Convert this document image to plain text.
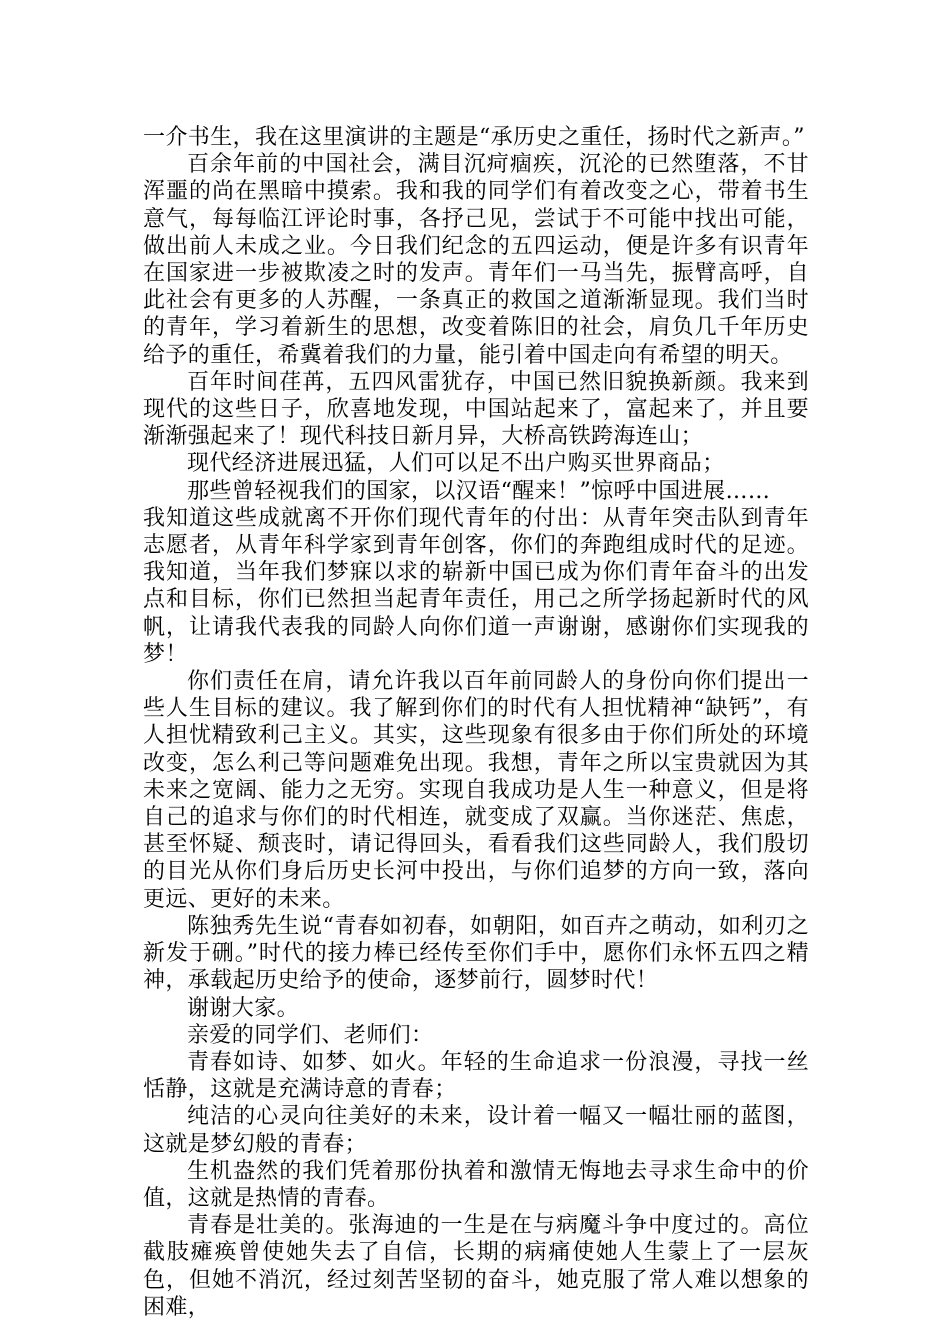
一介书生，我在这里演讲的主题是“承历史之重任，扬时代之新声。”

百余年前的中国社会，满目沉疴痼疾，沉沦的已然堕落，不甘浑噩的尚在黑暗中摸索。我和我的同学们有着改变之心，带着书生意气，每每临江评论时事，各抒己见，尝试于不可能中找出可能，做出前人未成之业。今日我们纪念的五四运动，便是许多有识青年在国家进一步被欺凌之时的发声。青年们一马当先，振臂高呼，自此社会有更多的人苏醒，一条真正的救国之道渐渐显现。我们当时的青年，学习着新生的思想，改变着陈旧的社会，肩负几千年历史给予的重任，希冀着我们的力量，能引着中国走向有希望的明天。

百年时间荏苒，五四风雷犹存，中国已然旧貌换新颜。我来到现代的这些日子，欣喜地发现，中国站起来了，富起来了，并且要渐渐强起来了！现代科技日新月异，大桥高铁跨海连山；

现代经济进展迅猛，人们可以足不出户购买世界商品；

那些曾轻视我们的国家，以汉语“醒来！”惊呼中国进展……

我知道这些成就离不开你们现代青年的付出：从青年突击队到青年志愿者，从青年科学家到青年创客，你们的奔跑组成时代的足迹。我知道，当年我们梦寐以求的崭新中国已成为你们青年奋斗的出发点和目标，你们已然担当起青年责任，用己之所学扬起新时代的风帆，让请我代表我的同龄人向你们道一声谢谢，感谢你们实现我的梦！

你们责任在肩，请允许我以百年前同龄人的身份向你们提出一些人生目标的建议。我了解到你们的时代有人担忧精神“缺钙”，有人担忧精致利己主义。其实，这些现象有很多由于你们所处的环境改变，怎么利己等问题难免出现。我想，青年之所以宝贵就因为其未来之宽阔、能力之无穷。实现自我成功是人生一种意义，但是将自己的追求与你们的时代相连，就变成了双赢。当你迷茫、焦虑，甚至怀疑、颓丧时，请记得回头，看看我们这些同龄人，我们殷切的目光从你们身后历史长河中投出，与你们追梦的方向一致，落向更远、更好的未来。

陈独秀先生说“青春如初春，如朝阳，如百卉之萌动，如利刃之新发于硎。”时代的接力棒已经传至你们手中，愿你们永怀五四之精神，承载起历史给予的使命，逐梦前行，圆梦时代！

谢谢大家。

亲爱的同学们、老师们：

青春如诗、如梦、如火。年轻的生命追求一份浪漫，寻找一丝恬静，这就是充满诗意的青春；

纯洁的心灵向往美好的未来，设计着一幅又一幅壮丽的蓝图，这就是梦幻般的青春；

生机盎然的我们凭着那份执着和激情无悔地去寻求生命中的价值，这就是热情的青春。

青春是壮美的。张海迪的一生是在与病魔斗争中度过的。高位截肢瘫痪曾使她失去了自信，长期的病痛使她人生蒙上了一层灰色，但她不消沉，经过刻苦坚韧的奋斗，她克服了常人难以想象的困难，
